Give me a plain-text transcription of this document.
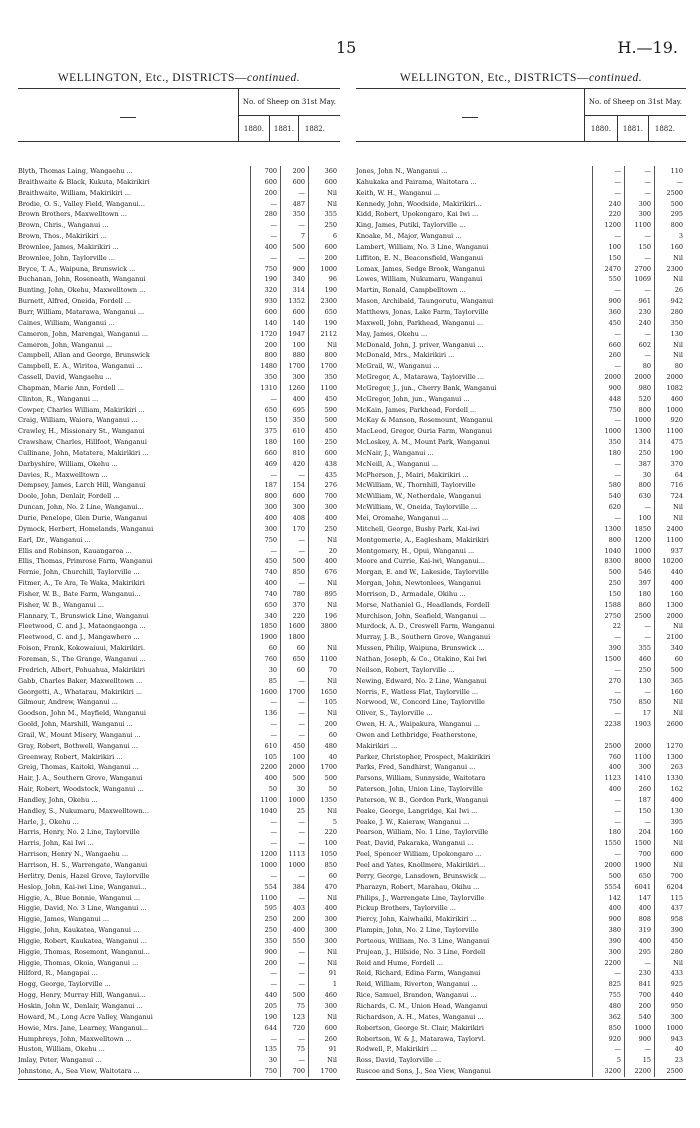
15	H.—19.
WELLINGTON, Etc., DISTRICTS—continued.
No. of Sheep on 31st May.
1880.	1881.	1882.
Blyth, Thomas Laing, Wangaehu ...	700	200	360
Braithwaite & Black, Kukuta, Makirikiri	600	600	600
Braithwaite, William, Makirikiri ...	200	—	Nil
Brodie, O. S., Valley Field, Wanganui...	—	487	Nil
Brown Brothers, Maxwelltown ...	280	350	355
Brown, Chris., Wanganui ...	—	—	250
Brown, Thos., Makirikiri ...	—	7	6
Brownlee, James, Makirikiri ...	400	500	600
Brownlee, John, Taylorville ...	—	—	200
Bryce, T. A., Waipuna, Brunswick ...	750	900	1000
Buchanan, John, Roseneath, Wanganui	190	340	96
Bunting, John, Okehu, Maxwelltown ...	320	314	190
Burnett, Alfred, Oneida, Fordell ...	930	1352	2300
Burr, William, Matarawa, Wanganui ...	600	600	650
Caines, William, Wanganui ...	140	140	190
Cameron, John, Marengai, Wanganui ...	1720	1947	2112
Cameron, John, Wanganui ...	200	100	Nil
Campbell, Allan and George, Brunswick	800	880	800
Campbell, E. A., Wiritoa, Wanganui ...	1480	1700	1700
Cassell, David, Wangaehu ...	350	300	350
Chapman, Marie Ann, Fordell ...	1310	1260	1100
Clinton, R., Wanganui ...	—	400	450
Cowper, Charles William, Makirikiri ...	650	695	590
Craig, William, Waiora, Wanganui ...	150	350	500
Crawley, H., Missionary St., Wanganui	375	610	450
Crawshaw, Charles, Hillfoot, Wanganui	180	160	250
Cullinane, John, Matatera, Makirikiri ...	660	810	600
Darbyshire, William, Okehu ...	469	420	438
Davies, R., Maxwelltown ...	—	—	435
Dempsey, James, Larch Hill, Wanganui	187	154	276
Doole, John, Denlair, Fordell ...	800	600	700
Duncan, John, No. 2 Line, Wanganui...	300	300	300
Durie, Penelope, Glen Durie, Wanganui	400	408	400
Dymock, Herbert, Homelands, Wanganui	300	170	250
Earl, Dr., Wanganui ...	750	—	Nil
Ellis and Robinson, Kauangaroa ...	—	—	20
Ellis, Thomas, Primrose Farm, Wanganui	450	500	400
Fernie, John, Churchill, Taylorville ...	740	850	676
Fitmer, A., Te Ara, Te Waka, Makirikiri	400	—	Nil
Fisher, W. B., Bate Farm, Wanganui...	740	780	895
Fisher, W. B., Wanganui ...	650	370	Nil
Flannary, T., Brunswick Line, Wanganui	340	220	196
Fleetwood, C. and J., Mataongaonga ...	1850	1600	3800
Fleetwood, C. and J., Mangawhero ...	1900	1800
Foison, Frank, Kokowaiuui, Makirikiri.	60	60	Nil
Foreman, S., The Grange, Wanganui ...	760	650	1100
Fredrich, Albert, Pohuahua, Makirikiri	30	60	70
Gabb, Charles Baker, Maxwelltown ...	85	—	Nil
Georgetti, A., Whatarau, Makirikiri ...	1600	1700	1650
Gilmour, Andrew, Wanganui ...	—	—	105
Goodson, John M., Mayfield, Wanganui	136	—	Nil
Goold, John, Marshill, Wanganui ...	—	—	200
Grail, W., Mount Misery, Wanganui ...	—	—	60
Gray, Robert, Bothwell, Wanganui ...	610	450	480
Greenway, Robert, Makirikiri ...	105	100	40
Greig, Thomas, Kaitoki, Wanganui ...	2200	2000	1700
Hair, J. A., Southern Grove, Wanganui	400	500	500
Hair, Robert, Woodstock, Wanganui ...	50	30	50
Handley, John, Okehu ...	1100	1000	1350
Handley, S., Nukumaru, Maxwelltown...	1040	25	Nil
Harle, J., Okehu ...	—	—	5
Harris, Henry, No. 2 Line, Taylorville	—	—	220
Harris, John, Kai Iwi ...	—	—	100
Harrison, Henry N., Wangaehu ...	1200	1113	1050
Harrison, H. S., Warrengate, Wanganui	1000	1000	850
Herlitry, Denis, Hazel Grove, Taylorville	—	—	60
Heslop, John, Kai-iwi Line, Wanganui...	554	384	470
Higgie, A., Blue Bonnie, Wanganui ...	1100	—	Nil
Higgie, David, No. 3 Line, Wanganui ...	595	403	400
Higgie, James, Wanganui ...	250	200	300
Higgie, John, Kaukatea, Wanganui ...	250	400	300
Higgie, Robert, Kaukatea, Wanganui ...	350	550	300
Higgie, Thomas, Rosemont, Wanganui...	900	—	Nil
Higgie, Thomas, Okoia, Wanganui ...	200	—	Nil
Hilford, R., Mangapai ...	—	—	91
Hogg, George, Taylorville ...	—	—	1
Hogg, Henry, Murray Hill, Wanganui...	440	500	460
Hoskin, John W., Denlair, Wanganui ...	205	75	300
Howard, M., Long Acre Valley, Wanganui	190	123	Nil
Howie, Mrs. Jane, Learney, Wanganui...	644	720	600
Humphreys, John, Maxwelltown ...	—	—	260
Huston, William, Okehu ...	135	75	91
Imlay, Peter, Wanganui ...	30	—	Nil
Johnstone, A., Sea View, Waitotara ...	750	700	1700
WELLINGTON, Etc., DISTRICTS—continued.
No. of Sheep on 31st May.
1880.	1881.	1882.
Jones, John N., Wanganui ...	—	—	110
Kahukaka and Pairama, Waitotara ...	—	—	—
Keith, W. H., Wanganui ...	—	—	2500
Kennedy, John, Woodside, Makirikiri...	240	300	500
Kidd, Robert, Upokongaro, Kai Iwi ...	220	300	295
King, James, Putiki, Taylorville ...	1200	1100	800
Knoake, M., Major, Wanganui ...	—	—	3
Lambert, William, No. 3 Line, Wanganui	100	150	160
Liffiton, E. N., Beaconsfield, Wanganui	150	—	Nil
Lomax, James, Sedge Brook, Wanganui	2470	2700	2300
Lowes, William, Nukumaru, Wanganui	550	1069	Nil
Martin, Ronald, Campbelltown ...	—	—	26
Mason, Archibald, Taungorutu, Wanganui	900	961	942
Matthews, Jonas, Lake Farm, Taylorville	360	230	280
Maxwell, John, Parkhead, Wanganui ...	450	240	350
May, James, Okehu ...	—	—	130
McDonald, John, J. priver, Wanganui ...	660	602	Nil
McDonald, Mrs., Makirikiri ...	260	—	Nil
McGrail, W., Wanganui ...	—	80	80
McGregor, A., Matarawa, Taylorville ...	2000	2000	2000
McGregor, J., jun., Cherry Bank, Wanganui	900	980	1082
McGregor, John, jun., Wanganui ...	448	520	460
McKain, James, Parkhead, Fordell ...	750	800	1000
McKay & Manson, Rosemount, Wanganui	—	1000	920
MacLeod, Gregor, Ouria Farm, Wanganui	1000	1300	1100
McLoskey, A. M., Mount Park, Wanganui	350	314	475
McNair, J., Wanganui ...	180	250	190
McNeill, A., Wanganui ...	—	387	370
McPherson, J., Mairi, Makirikiri ...	—	30	64
McWilliam, W., Thornhill, Taylorville	580	800	716
McWilliam, W., Netherdale, Wanganui	540	630	724
McWilliam, W., Oneida, Taylorville ...	620	—	Nil
Mei, Oromahe, Wanganui ...	—	100	Nil
Mitchell, George, Bushy Park, Kai-iwi	1300	1850	2400
Montgomerie, A., Eaglesham, Makirikiri	800	1200	1100
Montgomery, H., Opui, Wanganui ...	1040	1000	937
Moore and Currie, Kai-iwi, Wanganui...	8300	8000	10200
Morgan, E. and W., Lakeside, Taylorville	500	546	440
Morgan, John, Newtonlees, Wanganui	250	397	400
Morrison, D., Armadale, Okihu ...	150	180	160
Morse, Nathaniel G., Headlands, Fordell	1588	860	1300
Murchison, John, Seafield, Wanganui ...	2750	2500	2000
Murdock, A. D., Creswell Farm, Wanganui	22	—	Nil
Murray, J. B., Southern Grove, Wanganui	—	—	2100
Mussen, Philip, Waipuna, Brunswick ...	390	355	340
Nathan, Joseph, & Co., Otakino, Kai Iwi	1500	460	60
Neilson, Robert, Taylorville ...	—	250	500
Newing, Edward, No. 2 Line, Wanganui	270	130	365
Norris, F., Watless Flat, Taylorville ...	—	—	160
Norwood, W., Concord Line, Taylorville	750	850	Nil
Oliver, S., Taylorville ...	—	17	Nil
Owen, H. A., Waipakura, Wanganui ...	2238	1903	2600
Owen and Lethbridge, Featherstone,
Makirikiri ...	2500	2000	1270
Parker, Christopher, Prospect, Makirikiri	760	1100	1300
Parks, Fred, Sandhirst, Wanganui ...	400	300	263
Parsons, William, Sunnyside, Waitotara	1123	1410	1330
Paterson, John, Union Line, Taylorville	400	260	162
Paterson, W. B., Gordon Park, Wanganui	—	187	400
Peake, George, Langridge, Kai Iwi ...	—	150	130
Peake, J. W., Kaieraw, Wanganui ...	—	—	395
Pearson, William, No. 1 Line, Taylorville	180	204	160
Peat, David, Pakaraka, Wanganui ...	1550	1500	Nil
Peel, Spencer William, Upokongaro ...	—	700	600
Peel and Yates, Knollmere, Makirikiri...	2000	1900	Nil
Perry, George, Lansdown, Brunswick ...	500	650	700
Pharazyn, Robert, Marahau, Okihu ...	5554	6041	6204
Philips, J., Warrengate Line, Taylorville	142	147	115
Pickup Brothers, Taylorville ...	400	400	437
Piercy, John, Kaiwhaiki, Makirikiri ...	900	808	958
Plampin, John, No. 2 Line, Taylorville	380	319	390
Porteous, William, No. 3 Line, Wanganui	390	400	450
Prujean, J., Hillside, No. 3 Line, Fordell	300	295	280
Reid and Hume, Fordell ...	2200	—	Nil
Reid, Richard, Edina Farm, Wanganui	—	230	433
Reid, William, Riverton, Wanganui ...	825	841	925
Rice, Samuel, Brandon, Wanganui ...	755	700	440
Richards, C. M., Union Head, Wanganui	480	200	950
Richardson, A. H., Mates, Wanganui ...	362	540	300
Robertson, George St. Clair, Makirikiri	850	1000	1000
Robertson, W. & J., Matarawa, Taylorvl.	920	900	943
Rodwell, P., Makirikiri ...	—	—	40
Ross, David, Taylorville ...	5	15	23
Ruscoe and Sons, J., Sea View, Wanganui	3200	2200	2500
